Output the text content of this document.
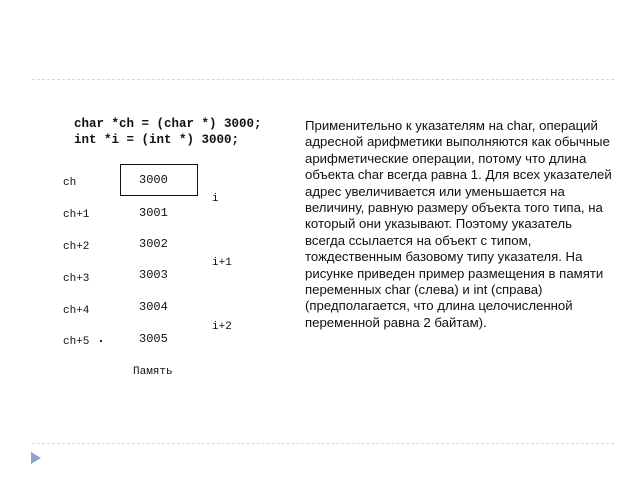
char *ch = (char *) 3000;
int *i = (int *) 3000;
ch
ch+1
ch+2
ch+3
ch+4
ch+5
3000
3001
3002
3003
3004
3005
i
i+1
i+2
Память

Применительно к указателям на char, операций адресной арифметики выполняются как обычные арифметические операции, потому что длина объекта char всегда равна 1. Для всех указателей адрес увеличивается или уменьшается на величину, равную размеру объекта того типа, на который они указывают. Поэтому указатель всегда ссылается на объект с типом, тождественным базовому типу указателя. На рисунке приведен пример размещения в памяти переменных char (слева) и int (справа) (предполагается, что длина целочисленной переменной равна 2 байтам).
